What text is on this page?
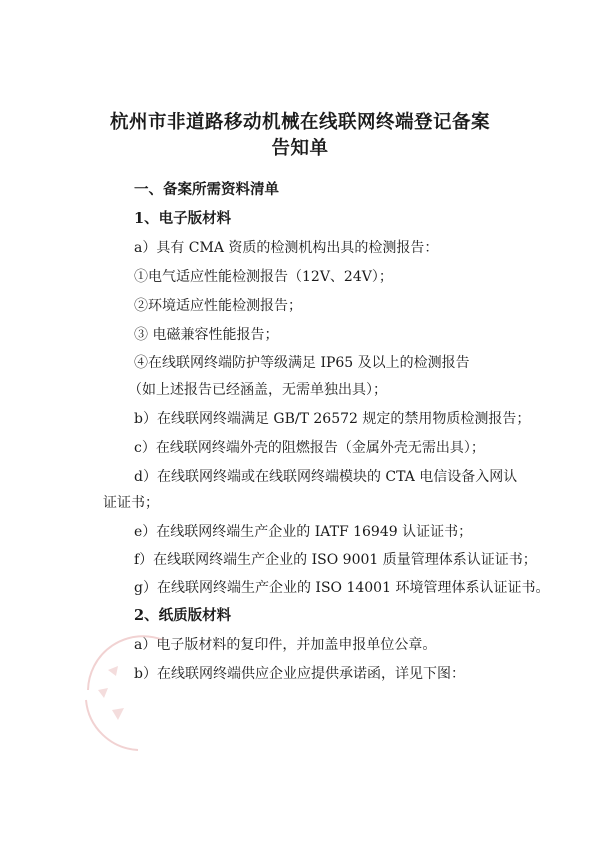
杭州市非道路移动机械在线联网终端登记备案
告知单
一、备案所需资料清单
1、电子版材料
a）具有 CMA 资质的检测机构出具的检测报告：
①电气适应性能检测报告（12V、24V）；
②环境适应性能检测报告；
③ 电磁兼容性能报告；
④在线联网终端防护等级满足 IP65 及以上的检测报告
（如上述报告已经涵盖，无需单独出具）；
b）在线联网终端满足 GB/T 26572 规定的禁用物质检测报告；
c）在线联网终端外壳的阻燃报告（金属外壳无需出具）；
d）在线联网终端或在线联网终端模块的 CTA 电信设备入网认
证证书；
e）在线联网终端生产企业的 IATF 16949 认证证书；
f）在线联网终端生产企业的 ISO 9001 质量管理体系认证证书；
g）在线联网终端生产企业的 ISO 14001 环境管理体系认证证书。
2、纸质版材料
a）电子版材料的复印件，并加盖申报单位公章。
b）在线联网终端供应企业应提供承诺函，详见下图：
